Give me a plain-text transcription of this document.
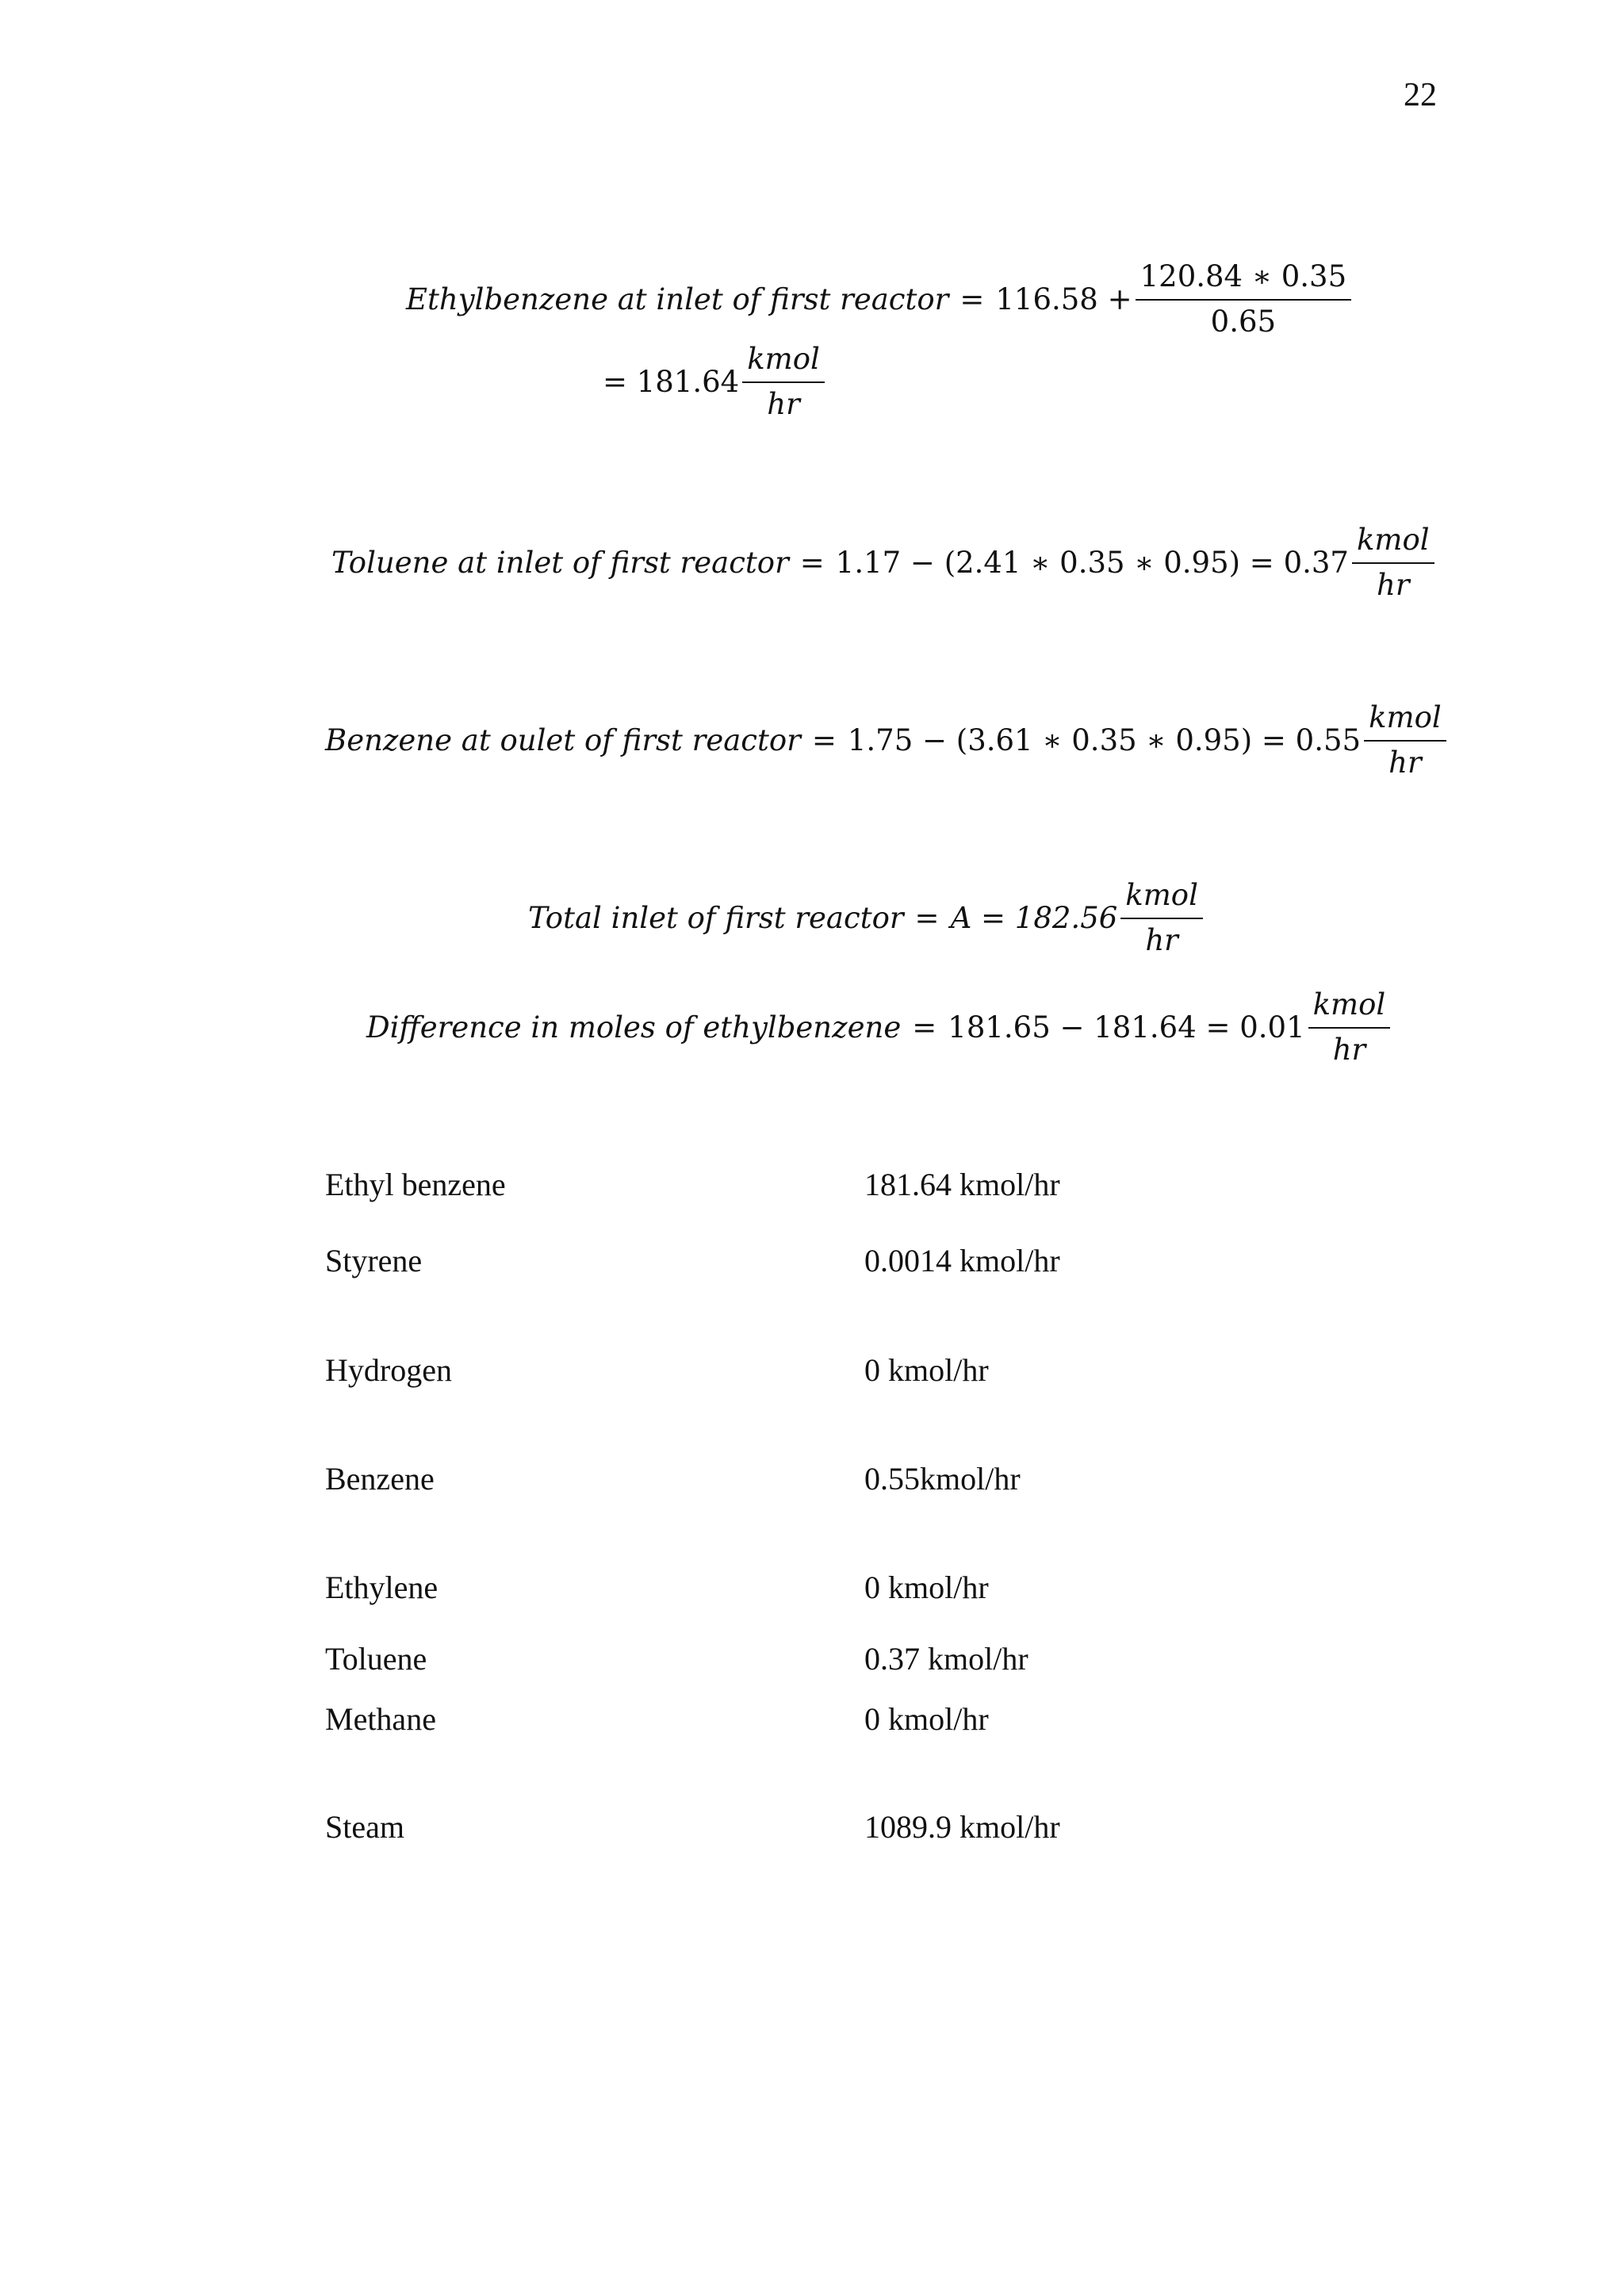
22
Ethylbenzene at inlet of first reactor = $116.58 + \frac{120.84 ∗ 0.35}{0.65}$
= $181.64 \frac{\text{kmol}}{hr}$
Toluene at inlet of first reactor = 1.17 − (2.41 ∗ 0.35 ∗ $0.95) = 0.37 \frac{\text{kmol}}{hr}$
Benzene at oulet of first reactor = 1.75 − (3.61 ∗ 0.35 ∗ $0.95) = 0.55 \frac{\text{kmol}}{hr}$
Total inlet of first reactor = $A = 182.56 \frac{\text{kmol}}{hr}$
Difference in moles of ethylbenzene = $181.65 - 181.64 = 0.01 \frac{\text{kmol}}{hr}$
Ethyl benzene	181.64 kmol/hr
Styrene	0.0014 kmol/hr
Hydrogen	0 kmol/hr
Benzene	0.55kmol/hr
Ethylene	0 kmol/hr
Toluene	0.37 kmol/hr
Methane	0 kmol/hr
Steam	1089.9 kmol/hr
